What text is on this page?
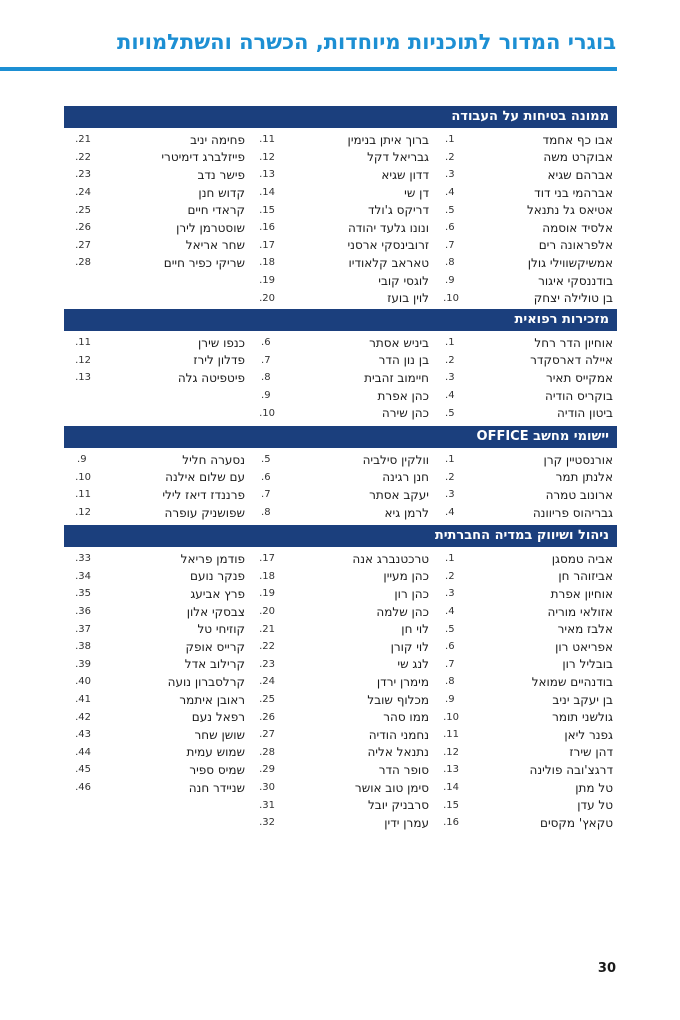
בוגרי המדור לתוכניות מיוחדות, הכשרה והשתלמויות
ממונה בטיחות על העבודה
אבו כף אחמד
1.
אבוקרט משה
2.
אברהם שגיא
3.
אברהמי בני דוד
4.
אטיאס גל נתנאל
5.
אלסיד אוסמה
6.
אלפראונה רים
7.
אמשיקשווילי גולן
8.
בודננסקי איגור
9.
בן טולילה יצחק
10.
ברוך איתן בנימין
11.
גבריאל דקל
12.
דדון שגיא
13.
דן שי
14.
דריקס ג'ולד
15.
ונונו גלעד יהודה
16.
זרובינסקי ארסני
17.
טאראב קלאודיו
18.
לוגסי קובי
19.
לוין בועז
20.
פחימה יניב
21.
פייזלברג דימיטרי
22.
פישר נדב
23.
קדוש חנן
24.
קראדי חיים
25.
שוסטרמן לירן
26.
שחר אריאל
27.
שריקי כפיר חיים
28.
מזכירות רפואית
אוחיון הדר רחל
1.
איילה דארסקדר
2.
אמקייס תאיר
3.
בוקריס הודיה
4.
ביטון הודיה
5.
ביניש אסתר
6.
בן נון הדר
7.
חיימוב זהבית
8.
כהן אפרת
9.
כהן שירה
10.
כנפו שירן
11.
פדלון לירז
12.
פיטפיטה גלה
13.
יישומי מחשב OFFICE
אורנסטיין קרן
1.
אלנתן תמר
2.
ארונוב טמרה
3.
גבריהוס פריוונה
4.
וולקין סילביה
5.
חנן רגינה
6.
יעקב אסתר
7.
לרמן גיא
8.
נסערה חליל
9.
עם שלום אילנה
10.
פרננדז דיאז לילי
11.
שפושניק עופרה
12.
ניהול ושיווק במדיה החברתית
אביה טמסגן
1.
אביזוהר חן
2.
אוחיון אפרת
3.
אזולאי מוריה
4.
אלבז מאיר
5.
אפריאט רון
6.
בובליל רון
7.
בודנהיים שמואל
8.
בן יעקב יניב
9.
גולשני תומר
10.
גפנר ליאן
11.
דהן שירז
12.
דרגצ'ובה פולינה
13.
טל מתן
14.
טל עדן
15.
טקאץ' מקסים
16.
טרכטנברג אנה
17.
כהן מעיין
18.
כהן רון
19.
כהן שלמה
20.
לוי חן
21.
לוי קורן
22.
לנג שי
23.
מימרן ירדן
24.
מכלוף שובל
25.
ממו סהר
26.
נחמני הודיה
27.
נתנאל אליה
28.
סופר הדר
29.
סימן טוב אושר
30.
סרבניק יובל
31.
עמרן ידין
32.
פודמן פריאל
33.
פנקר נועם
34.
פרץ אביעג
35.
צבסקי אלון
36.
קוזיחי טל
37.
קרייס אופק
38.
קרילוב אדל
39.
קרלסברון נועה
40.
ראובן איתמר
41.
רפאל נעם
42.
שושן שחר
43.
שמוש עמית
44.
שמיס ספיר
45.
שניידר חנה
46.
30
